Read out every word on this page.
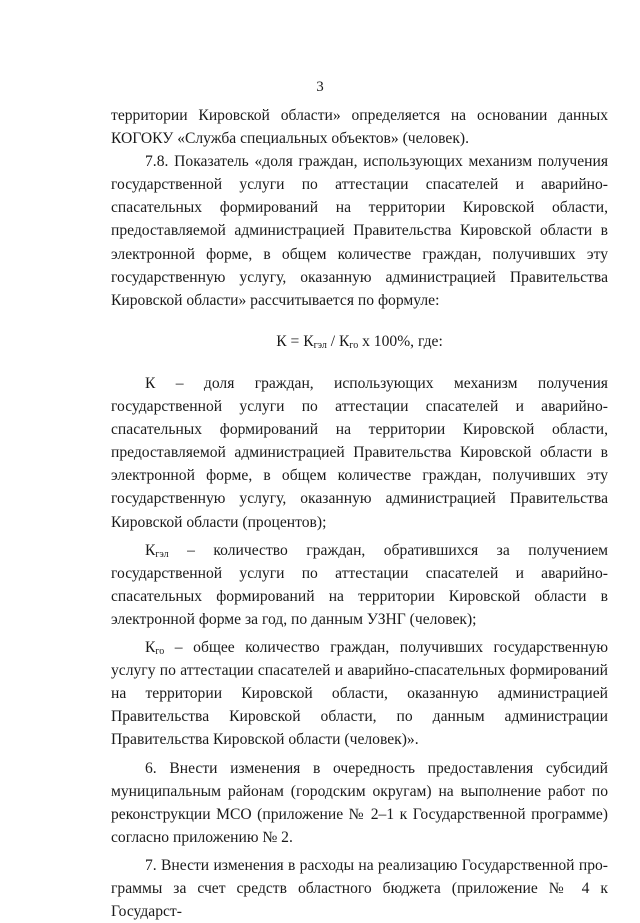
3

территории Кировской области» определяется на основании данных КОГОКУ «Служба специальных объектов» (человек).

7.8. Показатель «доля граждан, использующих механизм получения государственной услуги по аттестации спасателей и аварийно-спасательных формирований на территории Кировской области, предоставляемой администрацией Правительства Кировской области в электронной форме, в общем количестве граждан, получивших эту государственную услугу, оказанную администрацией Правительства Кировской области» рассчитывается по формуле:

$К = К_{гэл} / К_{го}$ х 100%, где:

К – доля граждан, использующих механизм получения государственной услуги по аттестации спасателей и аварийно-спасательных формирований на территории Кировской области, предоставляемой администрацией Правительства Кировской области в электронной форме, в общем количестве граждан, получивших эту государственную услугу, оказанную администрацией Правительства Кировской области (процентов);

$К_{гэл}$ – количество граждан, обратившихся за получением государственной услуги по аттестации спасателей и аварийно-спасательных формирований на территории Кировской области в электронной форме за год, по данным УЗНГ (человек);

$К_{го}$ – общее количество граждан, получивших государственную услугу по аттестации спасателей и аварийно-спасательных формирований на территории Кировской области, оказанную администрацией Правительства Кировской области, по данным администрации Правительства Кировской области (человек)».

6. Внести изменения в очередность предоставления субсидий муниципальным районам (городским округам) на выполнение работ по реконструкции МСО (приложение № 2–1 к Государственной программе) согласно приложению № 2.

7. Внести изменения в расходы на реализацию Государственной программы за счет средств областного бюджета (приложение № 4 к Государст-
